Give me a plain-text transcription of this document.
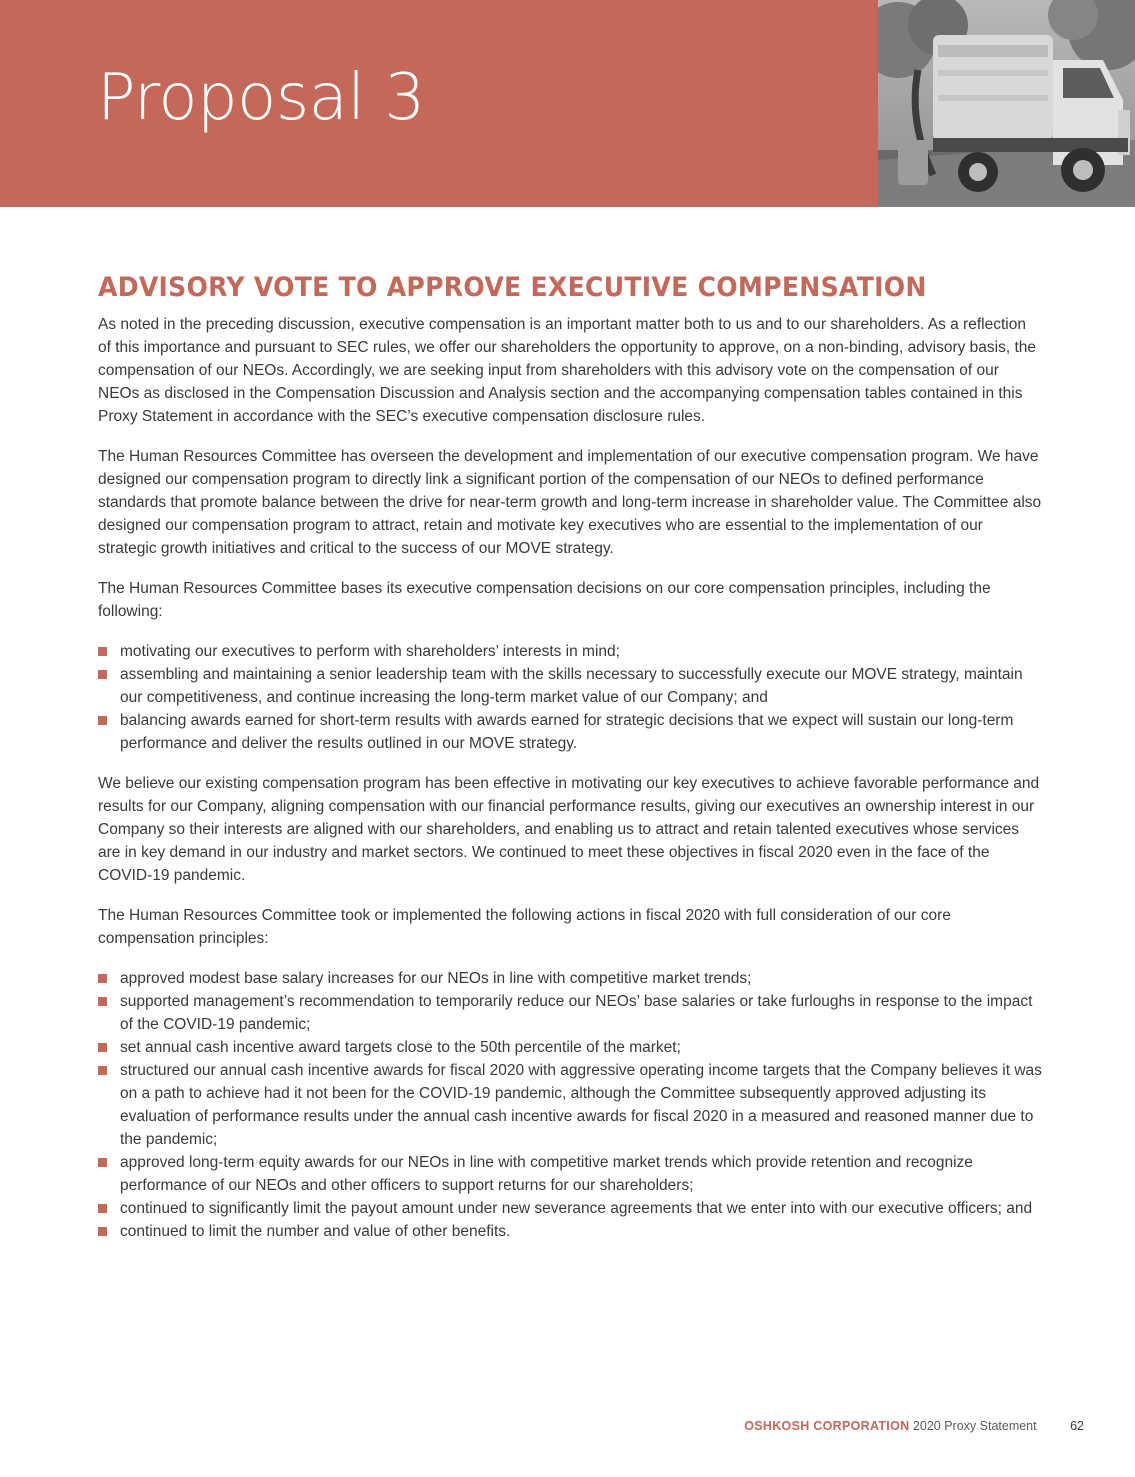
Proposal 3
ADVISORY VOTE TO APPROVE EXECUTIVE COMPENSATION

As noted in the preceding discussion, executive compensation is an important matter both to us and to our shareholders. As a reflection of this importance and pursuant to SEC rules, we offer our shareholders the opportunity to approve, on a non-binding, advisory basis, the compensation of our NEOs. Accordingly, we are seeking input from shareholders with this advisory vote on the compensation of our NEOs as disclosed in the Compensation Discussion and Analysis section and the accompanying compensation tables contained in this Proxy Statement in accordance with the SEC’s executive compensation disclosure rules.

The Human Resources Committee has overseen the development and implementation of our executive compensation program. We have designed our compensation program to directly link a significant portion of the compensation of our NEOs to defined performance standards that promote balance between the drive for near-term growth and long-term increase in shareholder value. The Committee also designed our compensation program to attract, retain and motivate key executives who are essential to the implementation of our strategic growth initiatives and critical to the success of our MOVE strategy.

The Human Resources Committee bases its executive compensation decisions on our core compensation principles, including the following:

motivating our executives to perform with shareholders’ interests in mind;
assembling and maintaining a senior leadership team with the skills necessary to successfully execute our MOVE strategy, maintain our competitiveness, and continue increasing the long-term market value of our Company; and
balancing awards earned for short-term results with awards earned for strategic decisions that we expect will sustain our long-term performance and deliver the results outlined in our MOVE strategy.

We believe our existing compensation program has been effective in motivating our key executives to achieve favorable performance and results for our Company, aligning compensation with our financial performance results, giving our executives an ownership interest in our Company so their interests are aligned with our shareholders, and enabling us to attract and retain talented executives whose services are in key demand in our industry and market sectors. We continued to meet these objectives in fiscal 2020 even in the face of the COVID-19 pandemic.

The Human Resources Committee took or implemented the following actions in fiscal 2020 with full consideration of our core compensation principles:

approved modest base salary increases for our NEOs in line with competitive market trends;
supported management’s recommendation to temporarily reduce our NEOs’ base salaries or take furloughs in response to the impact of the COVID-19 pandemic;
set annual cash incentive award targets close to the 50th percentile of the market;
structured our annual cash incentive awards for fiscal 2020 with aggressive operating income targets that the Company believes it was on a path to achieve had it not been for the COVID-19 pandemic, although the Committee subsequently approved adjusting its evaluation of performance results under the annual cash incentive awards for fiscal 2020 in a measured and reasoned manner due to the pandemic;
approved long-term equity awards for our NEOs in line with competitive market trends which provide retention and recognize performance of our NEOs and other officers to support returns for our shareholders;
continued to significantly limit the payout amount under new severance agreements that we enter into with our executive officers; and
continued to limit the number and value of other benefits.
OSHKOSH CORPORATION 2020 Proxy Statement	62
